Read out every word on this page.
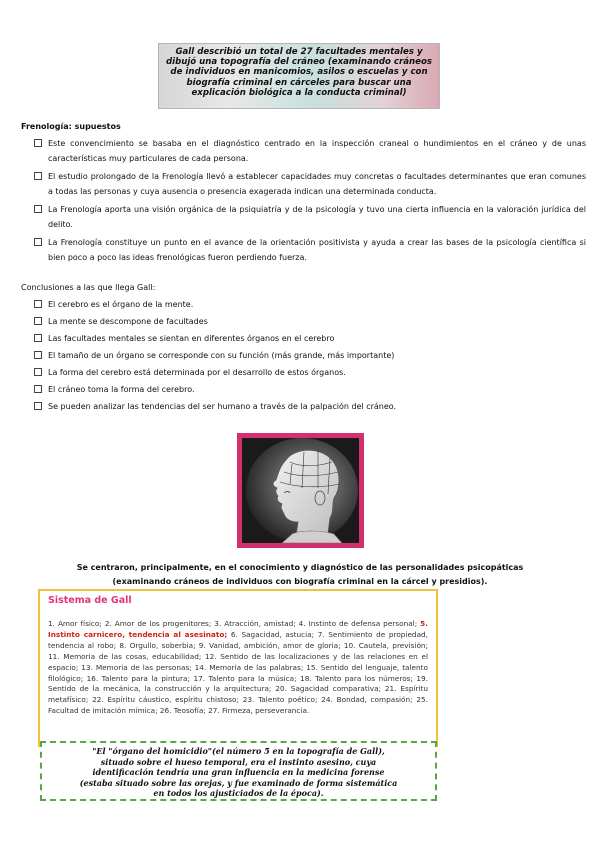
Gall describió un total de 27 facultades mentales y
dibujó una topografía del cráneo (examinando cráneos
de individuos en manicomios, asilos o escuelas y con
biografía criminal en cárceles para buscar una
explicación biológica a la conducta criminal)
Frenología: supuestos
Este convencimiento se basaba en el diagnóstico centrado en la inspección craneal o hundimientos en el cráneo y de unas características muy particulares de cada persona.
El estudio prolongado de la Frenología llevó a establecer capacidades muy concretas o facultades determinantes que eran comunes a todas las personas y cuya ausencia o presencia exagerada indican una determinada conducta.
La Frenología aporta una visión orgánica de la psiquiatría y de la psicología y tuvo una cierta influencia en la valoración jurídica del delito.
La Frenología constituye un punto en el avance de la orientación positivista y ayuda a crear las bases de la psicología científica si bien poco a poco las ideas frenológicas fueron perdiendo fuerza.
Conclusiones a las que llega Gall:
El cerebro es el órgano de la mente.
La mente se descompone de facultades
Las facultades mentales se sientan en diferentes órganos en el cerebro
El tamaño de un órgano se corresponde con su función (más grande, más importante)
La forma del cerebro está determinada por el desarrollo de estos órganos.
El cráneo toma la forma del cerebro.
Se pueden analizar las tendencias del ser humano a través de la palpación del cráneo.
Se centraron, principalmente, en el conocimiento y diagnóstico de las personalidades psicopáticas
(examinando cráneos de individuos con biografía criminal en la cárcel y presidios).
Sistema de Gall
1. Amor físico; 2. Amor de los progenitores; 3. Atracción, amistad; 4. Instinto de defensa personal; 5. Instinto carnicero, tendencia al asesinato; 6. Sagacidad, astucia; 7. Sentimiento de propiedad, tendencia al robo; 8. Orgullo, soberbia; 9. Vanidad, ambición, amor de gloria; 10. Cautela, previsión; 11. Memoria de las cosas, educabilidad; 12. Sentido de las localizaciones y de las relaciones en el espacio; 13. Memoria de las personas; 14. Memoria de las palabras; 15. Sentido del lenguaje, talento filológico; 16. Talento para la pintura; 17. Talento para la música; 18. Talento para los números; 19. Sentido de la mecánica, la construcción y la arquitectura; 20. Sagacidad comparativa; 21. Espíritu metafísico; 22. Espíritu cáustico, espíritu chistoso; 23. Talento poético; 24. Bondad, compasión; 25. Facultad de imitación mímica; 26. Teosofía; 27. Firmeza, perseverancia.
"El "órgano del homicidio"(el número 5 en la topografía de Gall),
situado sobre el hueso temporal, era el instinto asesino, cuya
identificación tendría una gran influencia en la medicina forense
(estaba situado sobre las orejas, y fue examinado de forma sistemática
en todos los ajusticiados de la época).
